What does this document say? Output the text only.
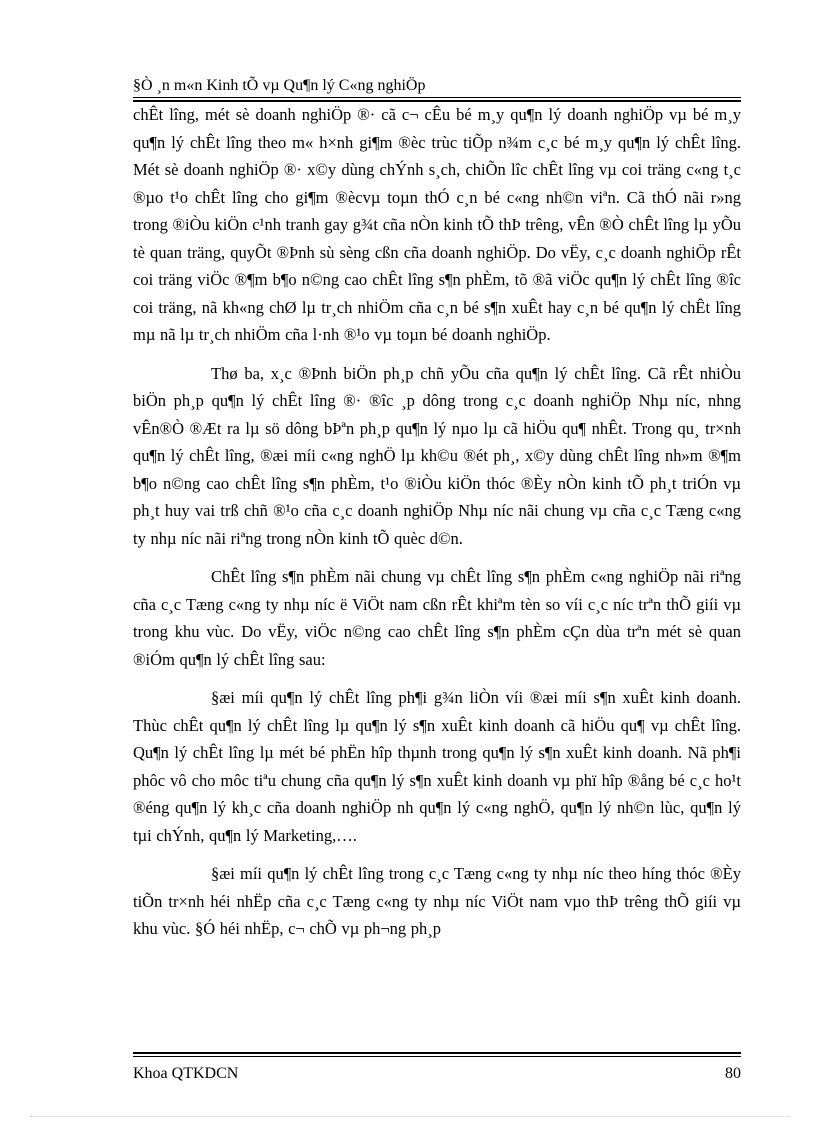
§Ò ¸n m«n Kinh tÕ vµ Qu¶n lý C«ng nghiÖp

chÊt lîng, mét sè doanh nghiÖp ®· cã c¬ cÊu bé m¸y qu¶n lý doanh nghiÖp vµ bé m¸y qu¶n lý chÊt lîng theo m« h×nh gi¶m ®èc trùc tiÕp n¾m c¸c bé m¸y qu¶n lý chÊt lîng. Mét sè doanh nghiÖp ®· x©y dùng chÝnh s¸ch, chiÕn lîc chÊt lîng vµ coi träng c«ng t¸c ®µo t¹o chÊt lîng cho gi¶m ®ècvµ toµn thÓ c¸n bé c«ng nh©n viªn. Cã thÓ nãi r»ng trong ®iÒu kiÖn c¹nh tranh gay g¾t cña nÒn kinh tÕ thÞ trêng, vÊn ®Ò chÊt lîng lµ yÕu tè quan träng, quyÕt ®Þnh sù sèng cßn cña doanh nghiÖp. Do vËy, c¸c doanh nghiÖp rÊt coi träng viÖc ®¶m b¶o n©ng cao chÊt lîng s¶n phÈm, tõ ®ã viÖc qu¶n lý chÊt lîng ®îc coi träng, nã kh«ng chØ lµ tr¸ch nhiÖm cña c¸n bé s¶n xuÊt hay c¸n bé qu¶n lý chÊt lîng mµ nã lµ tr¸ch nhiÖm cña l·nh ®¹o vµ toµn bé doanh nghiÖp.

Thø ba, x¸c ®Þnh biÖn ph¸p chñ yÕu cña qu¶n lý chÊt lîng. Cã rÊt nhiÒu biÖn ph¸p qu¶n lý chÊt lîng ®· ®îc ¸p dông trong c¸c doanh nghiÖp Nhµ níc, nhng vÊn®Ò ®Æt ra lµ sö dông bÞªn ph¸p qu¶n lý nµo lµ cã hiÖu qu¶ nhÊt. Trong qu¸ tr×nh qu¶n lý chÊt lîng, ®æi míi c«ng nghÖ lµ kh©u ®ét ph¸, x©y dùng chÊt lîng nh»m ®¶m b¶o n©ng cao chÊt lîng s¶n phÈm, t¹o ®iÒu kiÖn thóc ®Èy nÒn kinh tÕ ph¸t triÓn vµ ph¸t huy vai trß chñ ®¹o cña c¸c doanh nghiÖp Nhµ níc nãi chung vµ cña c¸c Tæng c«ng ty nhµ níc nãi riªng trong nÒn kinh tÕ quèc d©n.

ChÊt lîng s¶n phÈm nãi chung vµ chÊt lîng s¶n phÈm c«ng nghiÖp nãi riªng cña c¸c Tæng c«ng ty nhµ níc ë ViÖt nam cßn rÊt khiªm tèn so víi c¸c níc trªn thÕ giíi vµ trong khu vùc. Do vËy, viÖc n©ng cao chÊt lîng s¶n phÈm cÇn dùa trªn mét sè quan ®iÓm qu¶n lý chÊt lîng sau:

§æi míi qu¶n lý chÊt lîng ph¶i g¾n liÒn víi ®æi míi s¶n xuÊt kinh doanh. Thùc chÊt qu¶n lý chÊt lîng lµ qu¶n lý s¶n xuÊt kinh doanh cã hiÖu qu¶ vµ chÊt lîng. Qu¶n lý chÊt lîng lµ mét bé phËn hîp thµnh trong qu¶n lý s¶n xuÊt kinh doanh. Nã ph¶i phôc vô cho môc tiªu chung cña qu¶n lý s¶n xuÊt kinh doanh vµ phï hîp ®ång bé c¸c ho¹t ®éng qu¶n lý kh¸c cña doanh nghiÖp nh qu¶n lý c«ng nghÖ, qu¶n lý nh©n lùc, qu¶n lý tµi chÝnh, qu¶n lý Marketing,….

§æi míi qu¶n lý chÊt lîng trong c¸c Tæng c«ng ty nhµ níc theo híng thóc ®Èy tiÕn tr×nh héi nhËp cña c¸c Tæng c«ng ty nhµ níc ViÖt nam vµo thÞ trêng thÕ giíi vµ khu vùc. §Ó héi nhËp, c¬ chÕ vµ ph¬ng ph¸p

Khoa QTKDCN	80
